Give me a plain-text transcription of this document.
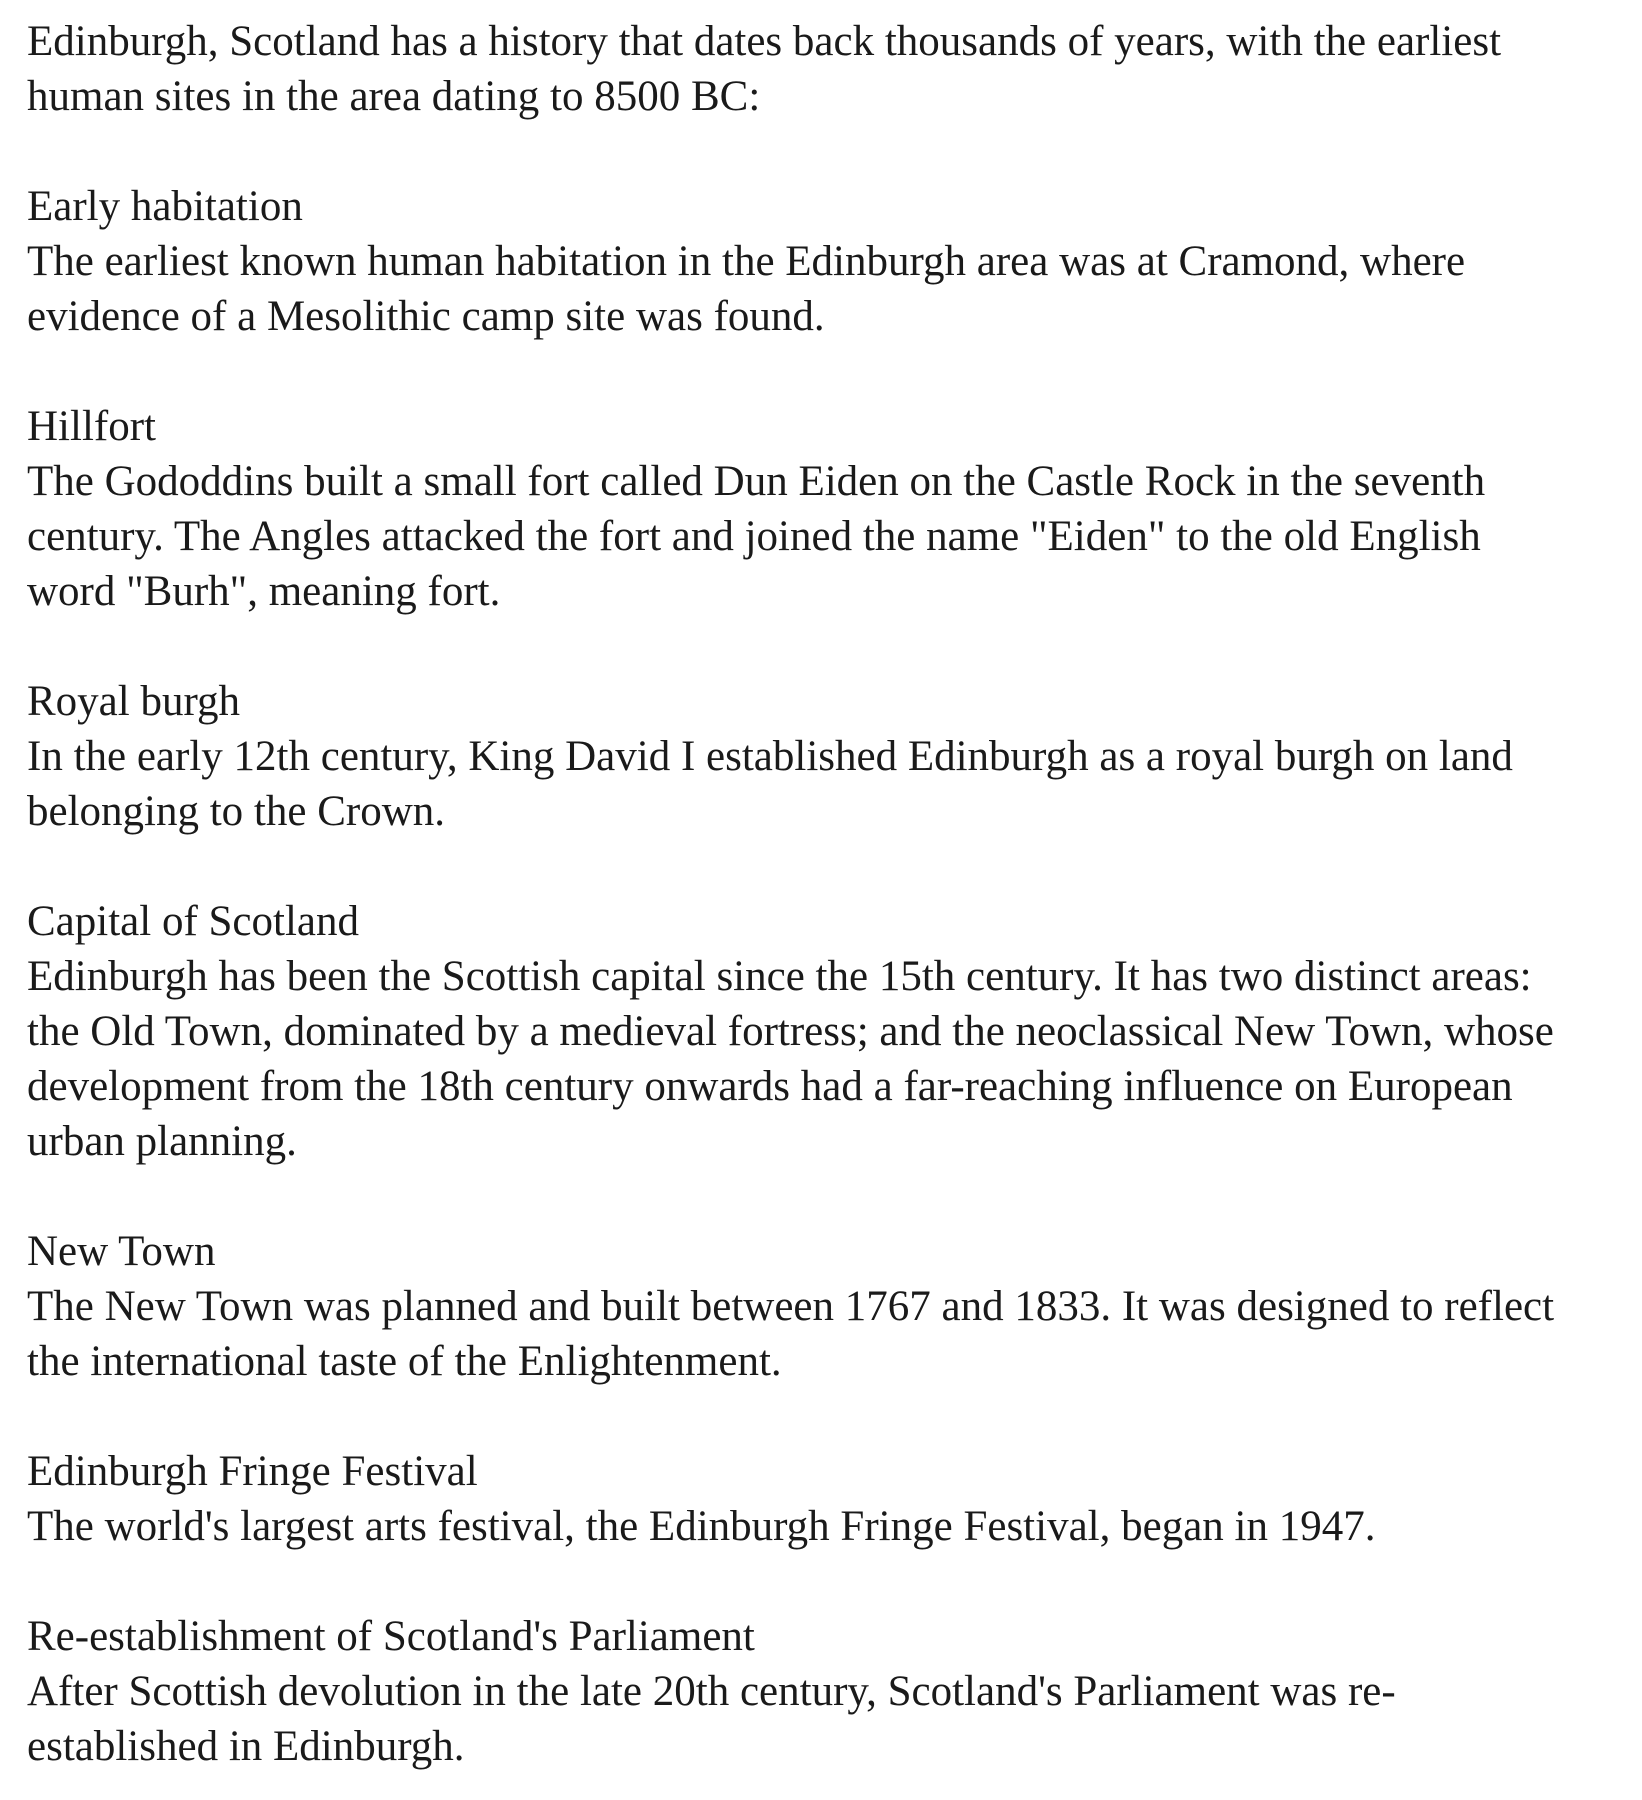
Edinburgh, Scotland has a history that dates back thousands of years, with the earliest human sites in the area dating to 8500 BC:

Early habitation

The earliest known human habitation in the Edinburgh area was at Cramond, where evidence of a Mesolithic camp site was found.

Hillfort

The Gododdins built a small fort called Dun Eiden on the Castle Rock in the seventh century. The Angles attacked the fort and joined the name "Eiden" to the old English word "Burh", meaning fort.

Royal burgh

In the early 12th century, King David I established Edinburgh as a royal burgh on land belonging to the Crown.

Capital of Scotland

Edinburgh has been the Scottish capital since the 15th century. It has two distinct areas: the Old Town, dominated by a medieval fortress; and the neoclassical New Town, whose development from the 18th century onwards had a far-reaching influence on European urban planning.

New Town

The New Town was planned and built between 1767 and 1833. It was designed to reflect the international taste of the Enlightenment.

Edinburgh Fringe Festival

The world's largest arts festival, the Edinburgh Fringe Festival, began in 1947.

Re-establishment of Scotland's Parliament

After Scottish devolution in the late 20th century, Scotland's Parliament was re-established in Edinburgh.
